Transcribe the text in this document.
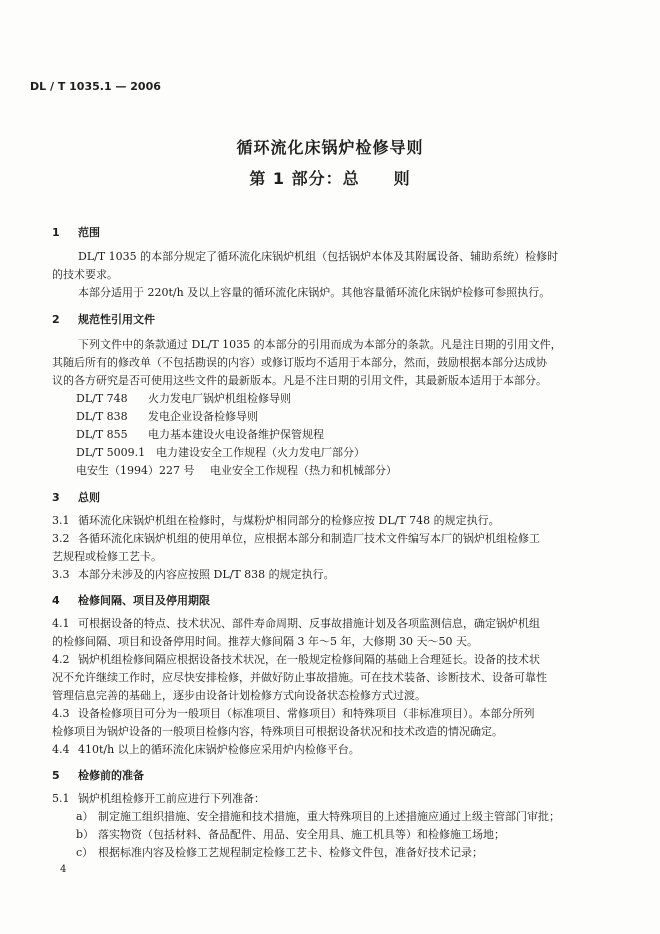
DL / T 1035.1 — 2006
循环流化床锅炉检修导则
第 1 部分：总　　则
1 范围
DL/T 1035 的本部分规定了循环流化床锅炉机组（包括锅炉本体及其附属设备、辅助系统）检修时
的技术要求。
本部分适用于 220t/h 及以上容量的循环流化床锅炉。其他容量循环流化床锅炉检修可参照执行。
2 规范性引用文件
下列文件中的条款通过 DL/T 1035 的本部分的引用而成为本部分的条款。凡是注日期的引用文件，
其随后所有的修改单（不包括勘误的内容）或修订版均不适用于本部分，然而，鼓励根据本部分达成协
议的各方研究是否可使用这些文件的最新版本。凡是不注日期的引用文件，其最新版本适用于本部分。
DL/T 748 火力发电厂锅炉机组检修导则
DL/T 838 发电企业设备检修导则
DL/T 855 电力基本建设火电设备维护保管规程
DL/T 5009.1 电力建设安全工作规程（火力发电厂部分）
电安生（1994）227 号 电业安全工作规程（热力和机械部分）
3 总则
3.1 循环流化床锅炉机组在检修时，与煤粉炉相同部分的检修应按 DL/T 748 的规定执行。
3.2 各循环流化床锅炉机组的使用单位，应根据本部分和制造厂技术文件编写本厂的锅炉机组检修工
艺规程或检修工艺卡。
3.3 本部分未涉及的内容应按照 DL/T 838 的规定执行。
4 检修间隔、项目及停用期限
4.1 可根据设备的特点、技术状况、部件寿命周期、反事故措施计划及各项监测信息，确定锅炉机组
的检修间隔、项目和设备停用时间。推荐大修间隔 3 年～5 年，大修期 30 天～50 天。
4.2 锅炉机组检修间隔应根据设备技术状况，在一般规定检修间隔的基础上合理延长。设备的技术状
况不允许继续工作时，应尽快安排检修，并做好防止事故措施。可在技术装备、诊断技术、设备可靠性
管理信息完善的基础上，逐步由设备计划检修方式向设备状态检修方式过渡。
4.3 设备检修项目可分为一般项目（标准项目、常修项目）和特殊项目（非标准项目）。本部分所列
检修项目为锅炉设备的一般项目检修内容，特殊项目可根据设备状况和技术改造的情况确定。
4.4 410t/h 以上的循环流化床锅炉检修应采用炉内检修平台。
5 检修前的准备
5.1 锅炉机组检修开工前应进行下列准备：
a） 制定施工组织措施、安全措施和技术措施，重大特殊项目的上述措施应通过上级主管部门审批；
b） 落实物资（包括材料、备品配件、用品、安全用具、施工机具等）和检修施工场地；
c） 根据标准内容及检修工艺规程制定检修工艺卡、检修文件包，准备好技术记录；
4
